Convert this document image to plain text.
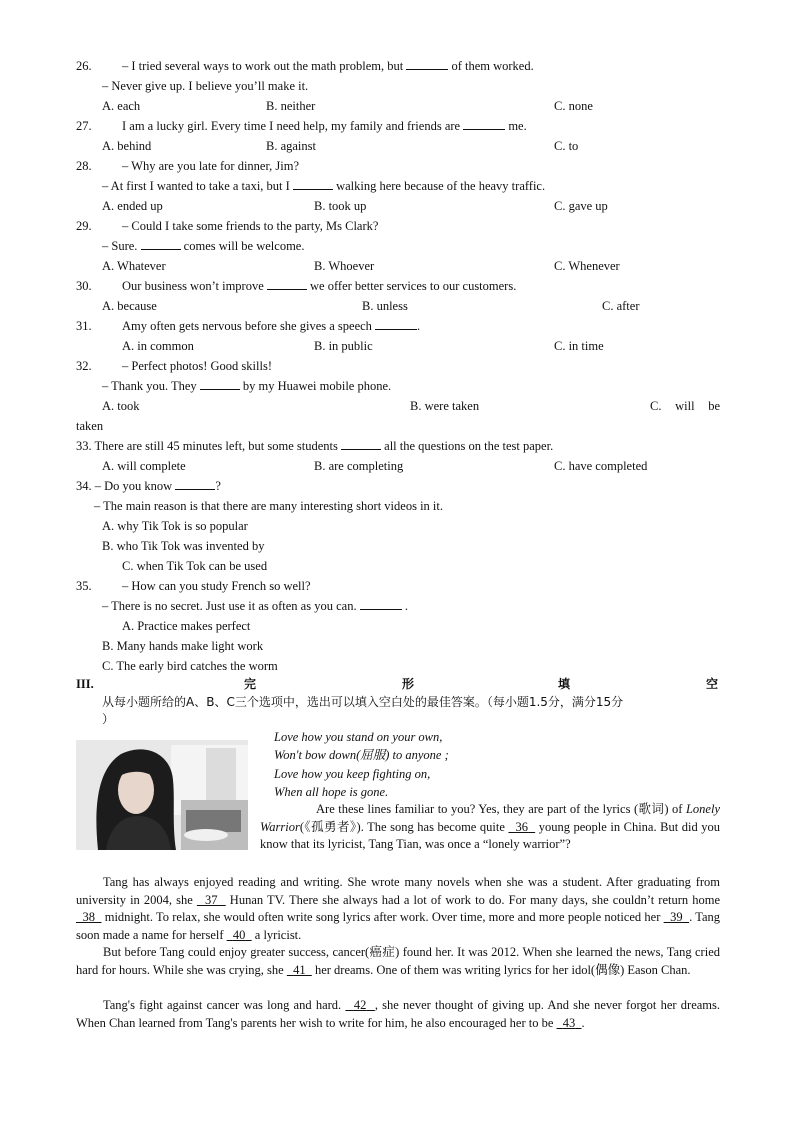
26. – I tried several ways to work out the math problem, but	of them worked.
– Never give up. I believe you’ll make it.
A. each	B. neither	C. none
27. I am a lucky girl. Every time I need help, my family and friends are	me.
A. behind	B. against	C. to
28. – Why are you late for dinner, Jim?
– At first I wanted to take a taxi, but I	walking here because of the heavy traffic.
A. ended up	B. took up	C. gave up
29. – Could I take some friends to the party, Ms Clark?
– Sure.	comes will be welcome.
A. Whatever	B. Whoever	C. Whenever
30. Our business won’t improve	we offer better services to our customers.
A. because	B. unless	C. after
31. Amy often gets nervous before she gives a speech	.
A. in common	B. in public	C. in time
32. – Perfect photos! Good skills!
– Thank you. They	by my Huawei mobile phone.
A. took	B. were taken	C. will be
taken
33. There are still 45 minutes left, but some students	all the questions on the test paper.
A. will complete	B. are completing	C. have completed
34. – Do you know	?
– The main reason is that there are many interesting short videos in it.
A. why Tik Tok is so popular
B. who Tik Tok was invented by
C. when Tik Tok can be used
35. – How can you study French so well?
– There is no secret. Just use it as often as you can.	.
A. Practice makes perfect
B. Many hands make light work
C. The early bird catches the worm
III.	完	形	填	空
从每小题所给的A、B、C三个选项中，选出可以填入空白处的最佳答案。（每小题1.5分，满分15分
）
Love how you stand on your own,
Won't bow down(屈服) to anyone ;
Love how you keep fighting on,
When all hope is gone.
Are these lines familiar to you? Yes, they are part of the lyrics (歌词) of Lonely Warrior(《孤勇者》). The song has become quite 36 young people in China. But did you know that its lyricist, Tang Tian, was once a “lonely warrior”?
Tang has always enjoyed reading and writing. She wrote many novels when she was a student. After graduating from university in 2004, she 37 Hunan TV. There she always had a lot of work to do. For many days, she couldn’t return home   38 midnight. To relax, she would often write song lyrics after work. Over time, more and more people noticed her 39 . Tang soon made a name for herself 40 a lyricist.
But before Tang could enjoy greater success, cancer(癌症) found her. It was 2012. When she learned the news, Tang cried hard for hours. While she was crying, she 41 her dreams. One of them was writing lyrics for her idol(偶像) Eason Chan.
Tang's fight against cancer was long and hard. 42 , she never thought of giving up. And she never forgot her dreams. When Chan learned from Tang's parents her wish to write for him, he also encouraged her to be 43 .
